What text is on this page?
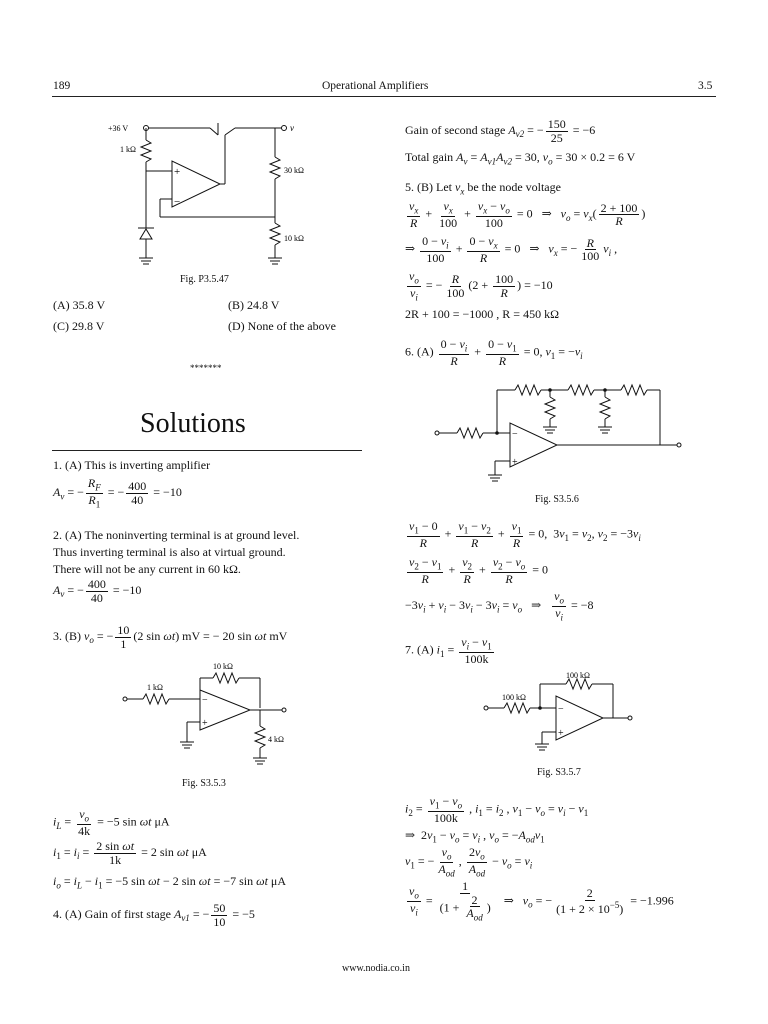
189	Operational Amplifiers	3.5
+
−
+36 V	v
1 kΩ
30 kΩ
10 kΩ
Fig. P3.5.47
(A) 35.8 V	(B) 24.8 V
(C) 29.8 V	(D) None of the above
*******
Solutions
1. (A) This is inverting amplifier
$A_v$ = − $\frac{R_F}{R_1}$ = − $\frac{400}{40} = -10$
2. (A) The noninverting terminal is at ground level.
Thus inverting terminal is also at virtual ground.
There will not be any current in 60 kΩ.
$A_v$ = − $\frac{400}{40} = -10$
3. (B) $v_o$ = − $\frac{10}{1} (2$ sin ωt) mV = − 20 sin ωt mV
−
+
1 kΩ
10 kΩ
4 kΩ
Fig. S3.5.3
$i_L = \frac{v_o}{4k} = -5$ sin ωt μA
$i_1 = i_i = \frac{\text{2 sin ωt}}{1k} = 2$ sin ωt μA
$i_o = i_L - i_1 = -5$ sin ωt − 2 sin ωt = −7 sin ωt μA
4. (A) Gain of first stage $A_{v1}$ = − $\frac{50}{10} = -5$
Gain of second stage $A_{v2}$ = − $\frac{150}{25} = -6$
Total gain $A_v = A_{v1}A_{v2} = 30$, $v_o = 30 \times 0.2 = 6$ V
5. (B) Let $v_x$ be the node voltage
$\frac{v_x}{R} + \frac{v_x}{100} + \frac{v_x - v_o}{100} = 0$   ⇒   $v_o = v_x( \frac{2 + 100}{R}$ )
⇒ $\frac{0 - v_i}{100} + \frac{0 - v_x}{R} = 0$   ⇒   $v_x$ = − $\frac{R}{100} v_i$ ,
$\frac{v_o}{v_i}$ = − $\frac{R}{100} (2 + \frac{100}{R}$ ) = −10
2R + 100 = −1000 , R = 450 kΩ
6. $(A) \frac{0 - v_i}{R} + \frac{0 - v_1}{R} = 0$, $v_1 = -v_i$
−
+
Fig. S3.5.6
$\frac{v_1 - 0}{R} + \frac{v_1 - v_2}{R} + \frac{v_1}{R} = 0$,  $3v_1 = v_2$, $v_2 = -3v_i$
$\frac{v_2 - v_1}{R} + \frac{v_2}{R} + \frac{v_2 - v_o}{R} = 0$
$-3v_i + v_i - 3v_i - 3v_i = v_o$   ⇒ $\frac{v_o}{v_i} = -8$
7. (A) $i_1 = \frac{v_i - v_1}{100k}$
−
+
100 kΩ
100 kΩ
Fig. S3.5.7
$i_2 = \frac{v_1 - v_o}{100k}$ , $i_1 = i_2$ , $v_1 - v_o = v_i - v_1$
⇒  $2v_1 - v_o = v_i$ , $v_o = -A_{od}v_1$
$v_1$ = − $\frac{v_o}{A_{od}}$ , $\frac{2v_o}{A_{od}} - v_o = v_i$
$\frac{v_o}{v_i} = \frac{1}{(1 + \frac{2}{A_{od}} )}$ ⇒   $v_o$ = − $\frac{2}{(1 + 2 \times 10^{-5})} = -1.996$
www.nodia.co.in
